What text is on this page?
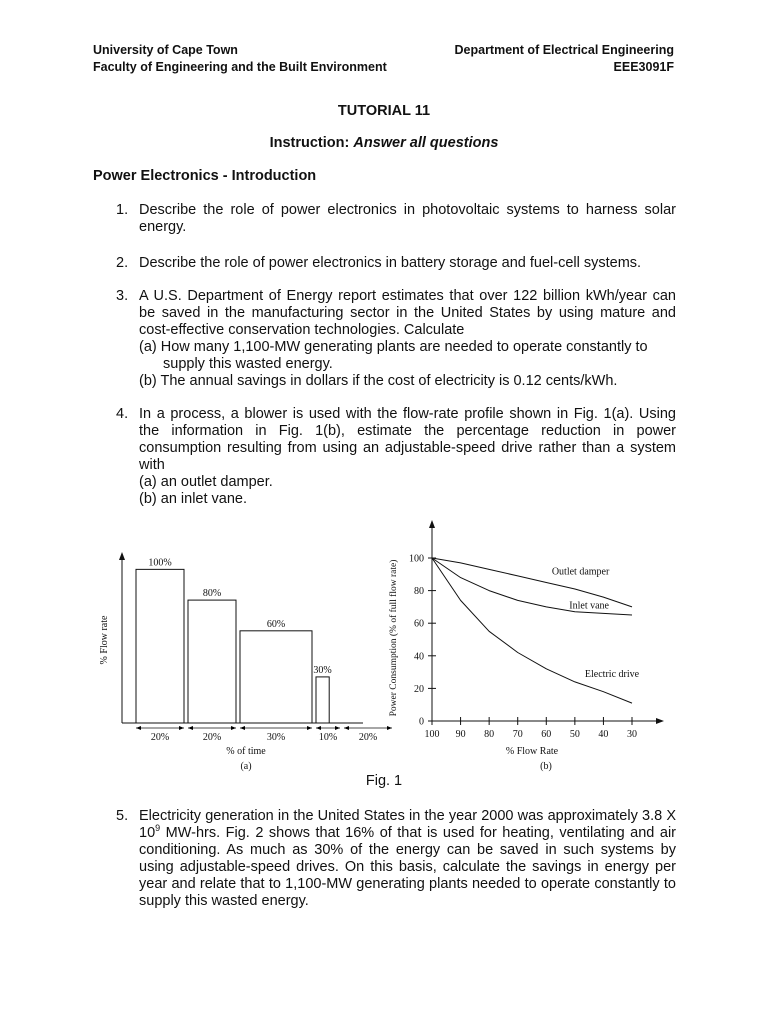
University of Cape Town
Faculty of Engineering and the Built Environment
Department of Electrical Engineering
EEE3091F
TUTORIAL 11
Instruction: Answer all questions
Power Electronics - Introduction
1. Describe the role of power electronics in photovoltaic systems to harness solar energy.
2. Describe the role of power electronics in battery storage and fuel-cell systems.
3. A U.S. Department of Energy report estimates that over 122 billion kWh/year can be saved in the manufacturing sector in the United States by using mature and cost-effective conservation technologies. Calculate
(a) How many 1,100-MW generating plants are needed to operate constantly to supply this wasted energy.
(b) The annual savings in dollars if the cost of electricity is 0.12 cents/kWh.
4. In a process, a blower is used with the flow-rate profile shown in Fig. 1(a). Using the information in Fig. 1(b), estimate the percentage reduction in power consumption resulting from using an adjustable-speed drive rather than a system with
(a) an outlet damper.
(b) an inlet vane.
100%
20%
80%
20%
60%
30%
30%
10% 20%
% Flow rate
% of time
(a)
0
20
40
60
80
100
100 90 80 70 60 50 40 30
Outlet damper
Inlet vane
Electric drive
Power Consumption (% of full flow rate)
% Flow Rate
(b)
Fig. 1
5. Electricity generation in the United States in the year 2000 was approximately 3.8 X $10^9$ MW-hrs. Fig. 2 shows that 16% of that is used for heating, ventilating and air conditioning. As much as 30% of the energy can be saved in such systems by using adjustable-speed drives. On this basis, calculate the savings in energy per year and relate that to 1,100-MW generating plants needed to operate constantly to supply this wasted energy.
